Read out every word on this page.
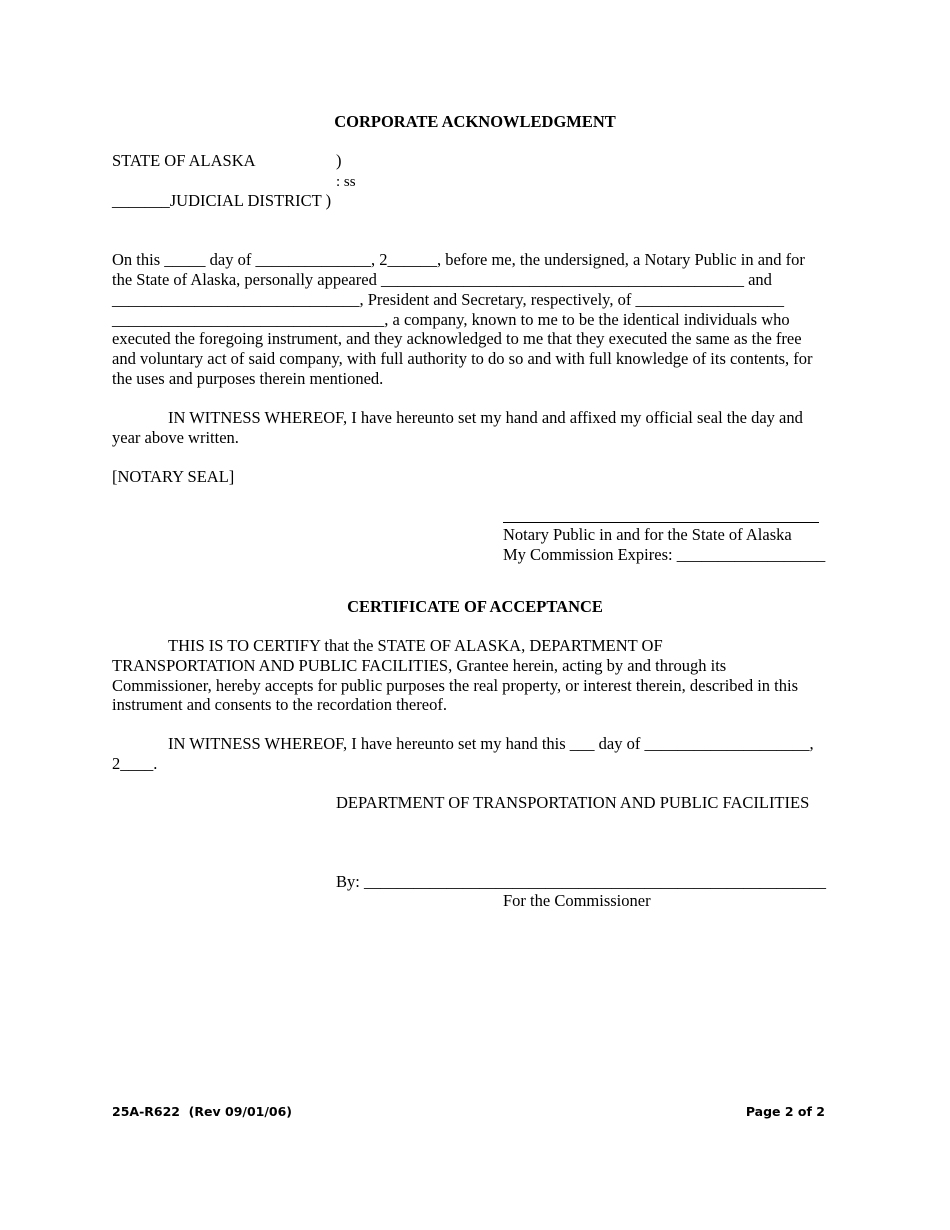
CORPORATE ACKNOWLEDGMENT
STATE OF ALASKA	)
: ss
_______JUDICIAL DISTRICT )
On this _____ day of ______________, 2______, before me, the undersigned, a Notary Public in and for
the State of Alaska, personally appeared ____________________________________________ and
______________________________, President and Secretary, respectively, of __________________
_________________________________, a company, known to me to be the identical individuals who
executed the foregoing instrument, and they acknowledged to me that they executed the same as the free
and voluntary act of said company, with full authority to do so and with full knowledge of its contents, for
the uses and purposes therein mentioned.
IN WITNESS WHEREOF, I have hereunto set my hand and affixed my official seal the day and
year above written.
[NOTARY SEAL]
Notary Public in and for the State of Alaska
My Commission Expires: __________________
CERTIFICATE OF ACCEPTANCE
THIS IS TO CERTIFY that the STATE OF ALASKA, DEPARTMENT OF
TRANSPORTATION AND PUBLIC FACILITIES, Grantee herein, acting by and through its
Commissioner, hereby accepts for public purposes the real property, or interest therein, described in this
instrument and consents to the recordation thereof.
IN WITNESS WHEREOF, I have hereunto set my hand this ___ day of ____________________,
2____.
DEPARTMENT OF TRANSPORTATION AND PUBLIC FACILITIES
By: ________________________________________________________
For the Commissioner
25A-R622  (Rev 09/01/06)	Page 2 of 2
